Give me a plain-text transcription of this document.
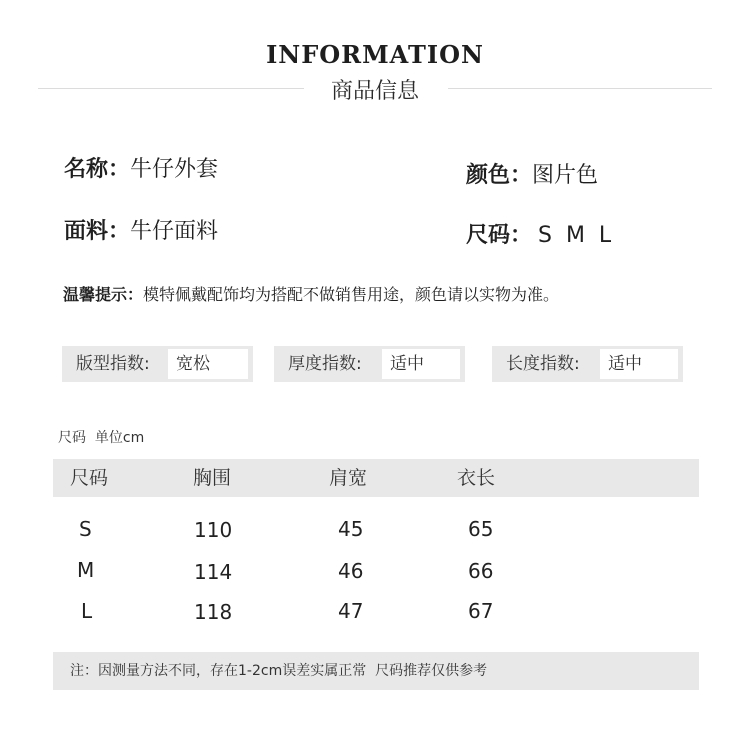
INFORMATION
商品信息
名称：牛仔外套	颜色：图片色
面料：牛仔面料	尺码： S  M  L
温馨提示：模特佩戴配饰均为搭配不做销售用途，颜色请以实物为准。
版型指数:	宽松	厚度指数:	适中	长度指数:	适中
尺码  单位cm
尺码	胸围	肩宽	衣长
S	110	45	65
M	114	46	66
L	118	47	67
注：因测量方法不同，存在1-2cm误差实属正常  尺码推荐仅供参考
